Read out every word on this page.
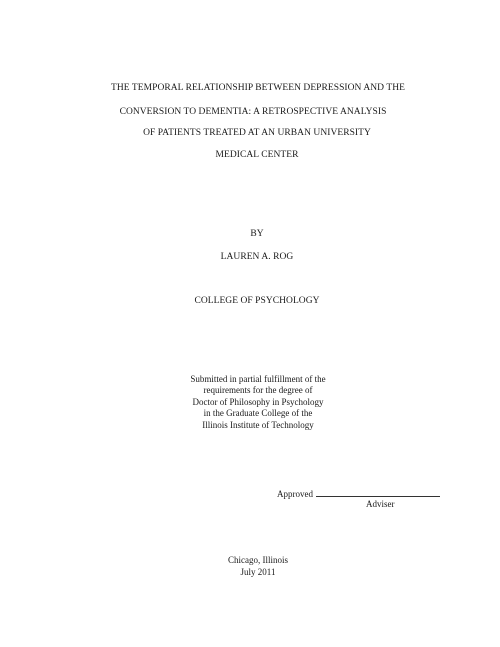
THE TEMPORAL RELATIONSHIP BETWEEN DEPRESSION AND THE
CONVERSION TO DEMENTIA: A RETROSPECTIVE ANALYSIS
OF PATIENTS TREATED AT AN URBAN UNIVERSITY
MEDICAL CENTER
BY
LAUREN A. ROG
COLLEGE OF PSYCHOLOGY
Submitted in partial fulfillment of the
requirements for the degree of
Doctor of Philosophy in Psychology
in the Graduate College of the
Illinois Institute of Technology
Approved
Adviser
Chicago, Illinois
July 2011
